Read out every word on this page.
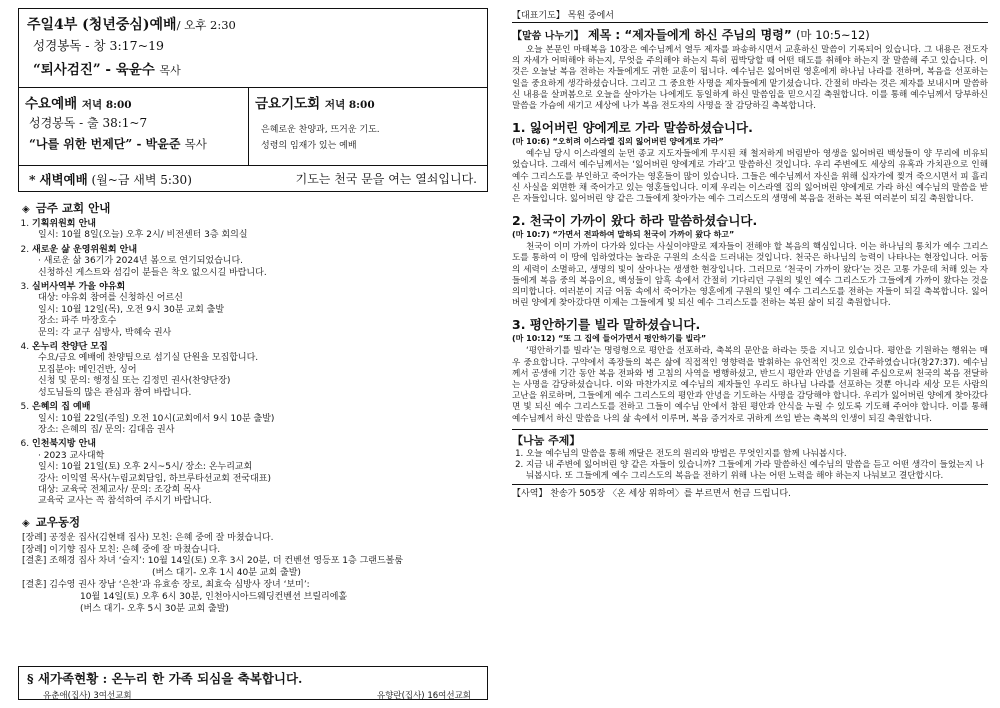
주일4부 (청년중심)예배/ 오후 2:30
성경봉독 - 창 3:17~19
“퇴사검진” - 육윤수 목사
수요예배 저녁 8:00
성경봉독 - 출 38:1~7
“나를 위한 번제단” - 박윤준 목사
금요기도회 저녁 8:00
은혜로운 찬양과, 뜨거운 기도.
성령의 임재가 있는 예배
* 새벽예배 (월~금 새벽 5:30)	기도는 천국 문을 여는 열쇠입니다.
◈ 금주 교회 안내
1. 기획위원회 안내
일시: 10월 8일(오늘) 오후 2시/ 비전센터 3층 회의실
2. 새로운 삶 운영위원회 안내
· 새로운 삶 36기가 2024년 봄으로 연기되었습니다.
신청하신 게스트와 섬김이 분들은 착오 없으시길 바랍니다.
3. 실버사역부 가을 야유회
대상: 야유회 참여를 신청하신 어르신
일시: 10월 12일(목), 오전 9시 30분 교회 출발
장소: 파주 마장호수
문의: 각 교구 심방사, 박혜숙 권사
4. 온누리 찬양단 모집
수요/금요 예배에 찬양팀으로 섬기실 단원을 모집합니다.
모집분야: 메인건반, 싱어
신청 및 문의: 행정실 또는 김정민 권사(찬양단장)
성도님들의 많은 관심과 참여 바랍니다.
5. 은혜의 집 예배
일시: 10월 22일(주일) 오전 10시(교회에서 9시 10분 출발)
장소: 은혜의 집/ 문의: 김대음 권사
6. 인천북지방 안내
· 2023 교사대학
일시: 10월 21일(토) 오후 2시~5시/ 장소: 온누리교회
강사: 이익열 목사(누림교회담임, 하브루타선교회 전국대표)
대상: 교육국 전체교사/ 문의: 조강희 목사
교육국 교사는 꼭 참석하여 주시기 바랍니다.
◈ 교우동정
[장례] 공정운 집사(김현태 집사) 모친: 은혜 중에 잘 마쳤습니다.
[장례] 이기향 집사 모친: 은혜 중에 잘 마쳤습니다.
[결혼] 조해경 집사 차녀 ‘슬지’: 10월 14일(토) 오후 3시 20분, 더 컨벤션 영등포 1층 그랜드볼룸
(버스 대기- 오후 1시 40분 교회 출발)
[결혼] 김수영 권사 장남 ‘은찬’과 유효송 장로, 최효숙 심방사 장녀 ‘보미’:
10월 14일(토) 오후 6시 30분, 인천아시아드웨딩컨벤션 브릴리에홀
(버스 대기- 오후 5시 30분 교회 출발)
§ 새가족현황 : 온누리 한 가족 되심을 축복합니다.
유춘애(집사) 3여선교회	유향란(집사) 16여선교회
【대표기도】 목원 중에서
【말씀 나누기】 제목 : “제자들에게 하신 주님의 명령” (마 10:5~12)
오늘 본문인 마태복음 10장은 예수님께서 열두 제자를 파송하시면서 교훈하신 말씀이 기록되어 있습니다. 그 내용은 전도자의 자세가 어떠해야 하는지, 무엇을 주의해야 하는지 특히 핍박당할 때 어떤 태도를 취해야 하는지 잘 말씀해 주고 있습니다. 이것은 오늘날 복음 전하는 자들에게도 귀한 교훈이 됩니다. 예수님은 잃어버린 영혼에게 하나님 나라를 전하며, 복음을 선포하는 일을 중요하게 생각하셨습니다. 그리고 그 중요한 사명을 제자들에게 맡기셨습니다. 간절히 바라는 것은 제자를 보내시며 말씀하신 내용을 살펴봄으로 오늘을 살아가는 나에게도 동일하게 하신 말씀임을 믿으시길 축원합니다. 이를 통해 예수님께서 당부하신 말씀을 가슴에 새기고 세상에 나가 복음 전도자의 사명을 잘 감당하길 축복합니다.
1. 잃어버린 양에게로 가라 말씀하셨습니다.
(마 10:6) “오히려 이스라엘 집의 잃어버린 양에게로 가라”
예수님 당시 이스라엘의 눈먼 종교 지도자들에게 무시된 채 철저하게 버림받아 영생을 잃어버린 백성들이 양 무리에 비유되었습니다. 그래서 예수님께서는 ‘잃어버린 양에게로 가라’고 말씀하신 것입니다. 우리 주변에도 세상의 유혹과 가치관으로 인해 예수 그리스도를 부인하고 죽어가는 영혼들이 많이 있습니다. 그들은 예수님께서 자신을 위해 십자가에 찢겨 죽으시면서 피 흘리신 사실을 외면한 채 죽어가고 있는 영혼들입니다. 이제 우리는 이스라엘 집의 잃어버린 양에게로 가라 하신 예수님의 말씀을 받은 자들입니다. 잃어버린 양 같은 그들에게 찾아가는 예수 그리스도의 생명에 복음을 전하는 복된 여러분이 되길 축원합니다.
2. 천국이 가까이 왔다 하라 말씀하셨습니다.
(마 10:7) “가면서 전파하여 말하되 천국이 가까이 왔다 하고”
천국이 이미 가까이 다가와 있다는 사실이야말로 제자들이 전해야 할 복음의 핵심입니다. 이는 하나님의 통치가 예수 그리스도를 통하여 이 땅에 임하였다는 놀라운 구원의 소식을 드러내는 것입니다. 천국은 하나님의 능력이 나타나는 현장입니다. 어둠의 세력이 소멸하고, 생명의 빛이 살아나는 생생한 현장입니다. 그러므로 ‘천국이 가까이 왔다’는 것은 고통 가운데 처해 있는 자들에게 복음 중의 복음이요, 백성들이 암흑 속에서 간절히 기다리던 구원의 빛인 예수 그리스도가 그들에게 가까이 왔다는 것을 의미합니다. 여러분이 지금 어둠 속에서 죽어가는 영혼에게 구원의 빛인 예수 그리스도를 전하는 자들이 되길 축복합니다. 잃어버린 양에게 찾아갔다면 이제는 그들에게 빛 되신 예수 그리스도를 전하는 복된 삶이 되길 축원합니다.
3. 평안하기를 빌라 말하셨습니다.
(마 10:12) “또 그 집에 들어가면서 평안하기를 빌라”
‘평안하기를 빌라’는 명령형으로 평안을 선포하라, 축복의 문안을 하라는 뜻을 지니고 있습니다. 평안을 기원하는 행위는 매우 중요합니다. 구약에서 족장들의 복은 삶에 직접적인 영향력을 발휘하는 유언적인 것으로 간주하였습니다(창27:37). 예수님께서 공생애 기간 동안 복음 전파와 병 고침의 사역을 병행하셨고, 반드시 평안과 안녕을 기원해 주십으로써 천국의 복음 전달하는 사명을 감당하셨습니다. 이와 마찬가지로 예수님의 제자들인 우리도 하나님 나라를 선포하는 것뿐 아니라 세상 모든 사람의 고난을 위로하며, 그들에게 예수 그리스도의 평안과 안녕을 기도하는 사명을 감당해야 합니다. 우리가 잃어버린 양에게 찾아갔다면 빛 되신 예수 그리스도를 전하고 그들이 예수님 안에서 참된 평안과 안식을 누릴 수 있도록 기도해 주어야 합니다. 이를 통해 예수님께서 하신 말씀을 나의 삶 속에서 이루며, 복음 증거자로 귀하게 쓰임 받는 축복의 인생이 되길 축원합니다.
【나눔 주제】
1. 오늘 예수님의 말씀을 통해 깨달은 전도의 원리와 방법은 무엇인지를 함께 나눠봅시다.
2. 지금 내 주변에 잃어버린 양 같은 자들이 있습니까? 그들에게 가라 말씀하신 예수님의 말씀을 듣고 어떤 생각이 들었는지 나눠봅시다. 또 그들에게 예수 그리스도의 복음을 전하기 위해 나는 어떤 노력을 해야 하는지 나눠보고 결단합시다.
【사역】 찬송가 505장 〈온 세상 위하여〉를 부르면서 헌금 드립니다.
